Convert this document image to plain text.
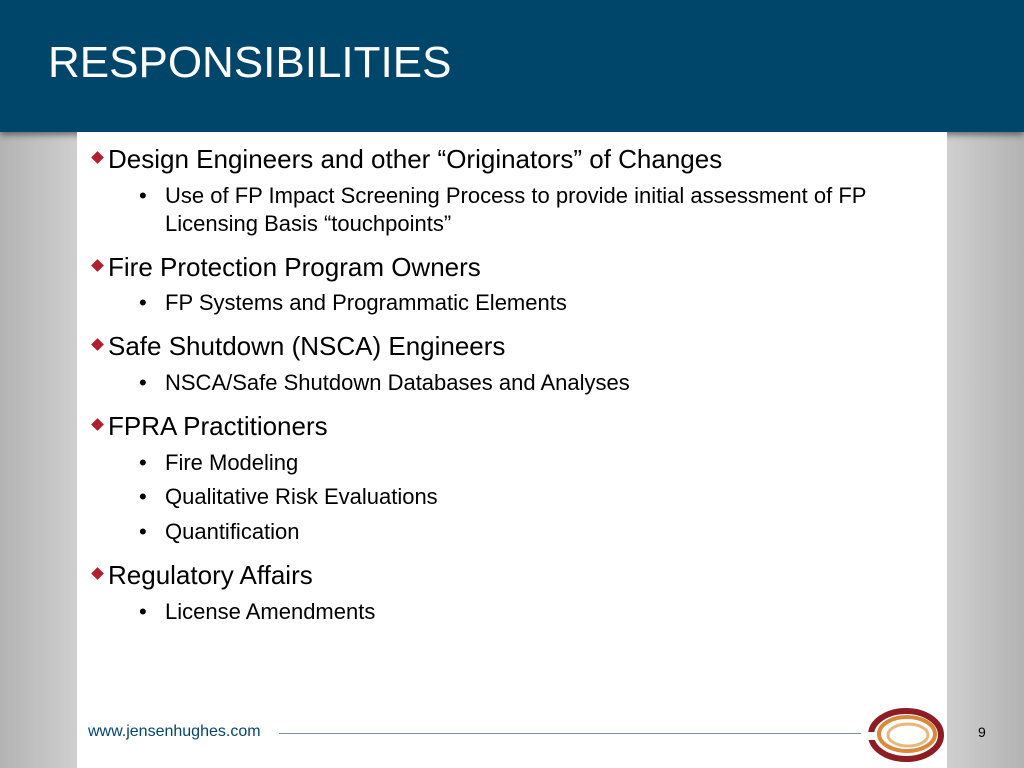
RESPONSIBILITIES
Design Engineers and other “Originators” of Changes
• Use of FP Impact Screening Process to provide initial assessment of FP Licensing Basis “touchpoints”
Fire Protection Program Owners
• FP Systems and Programmatic Elements
Safe Shutdown (NSCA) Engineers
• NSCA/Safe Shutdown Databases and Analyses
FPRA Practitioners
• Fire Modeling
• Qualitative Risk Evaluations
• Quantification
Regulatory Affairs
• License Amendments
www.jensenhughes.com	9
